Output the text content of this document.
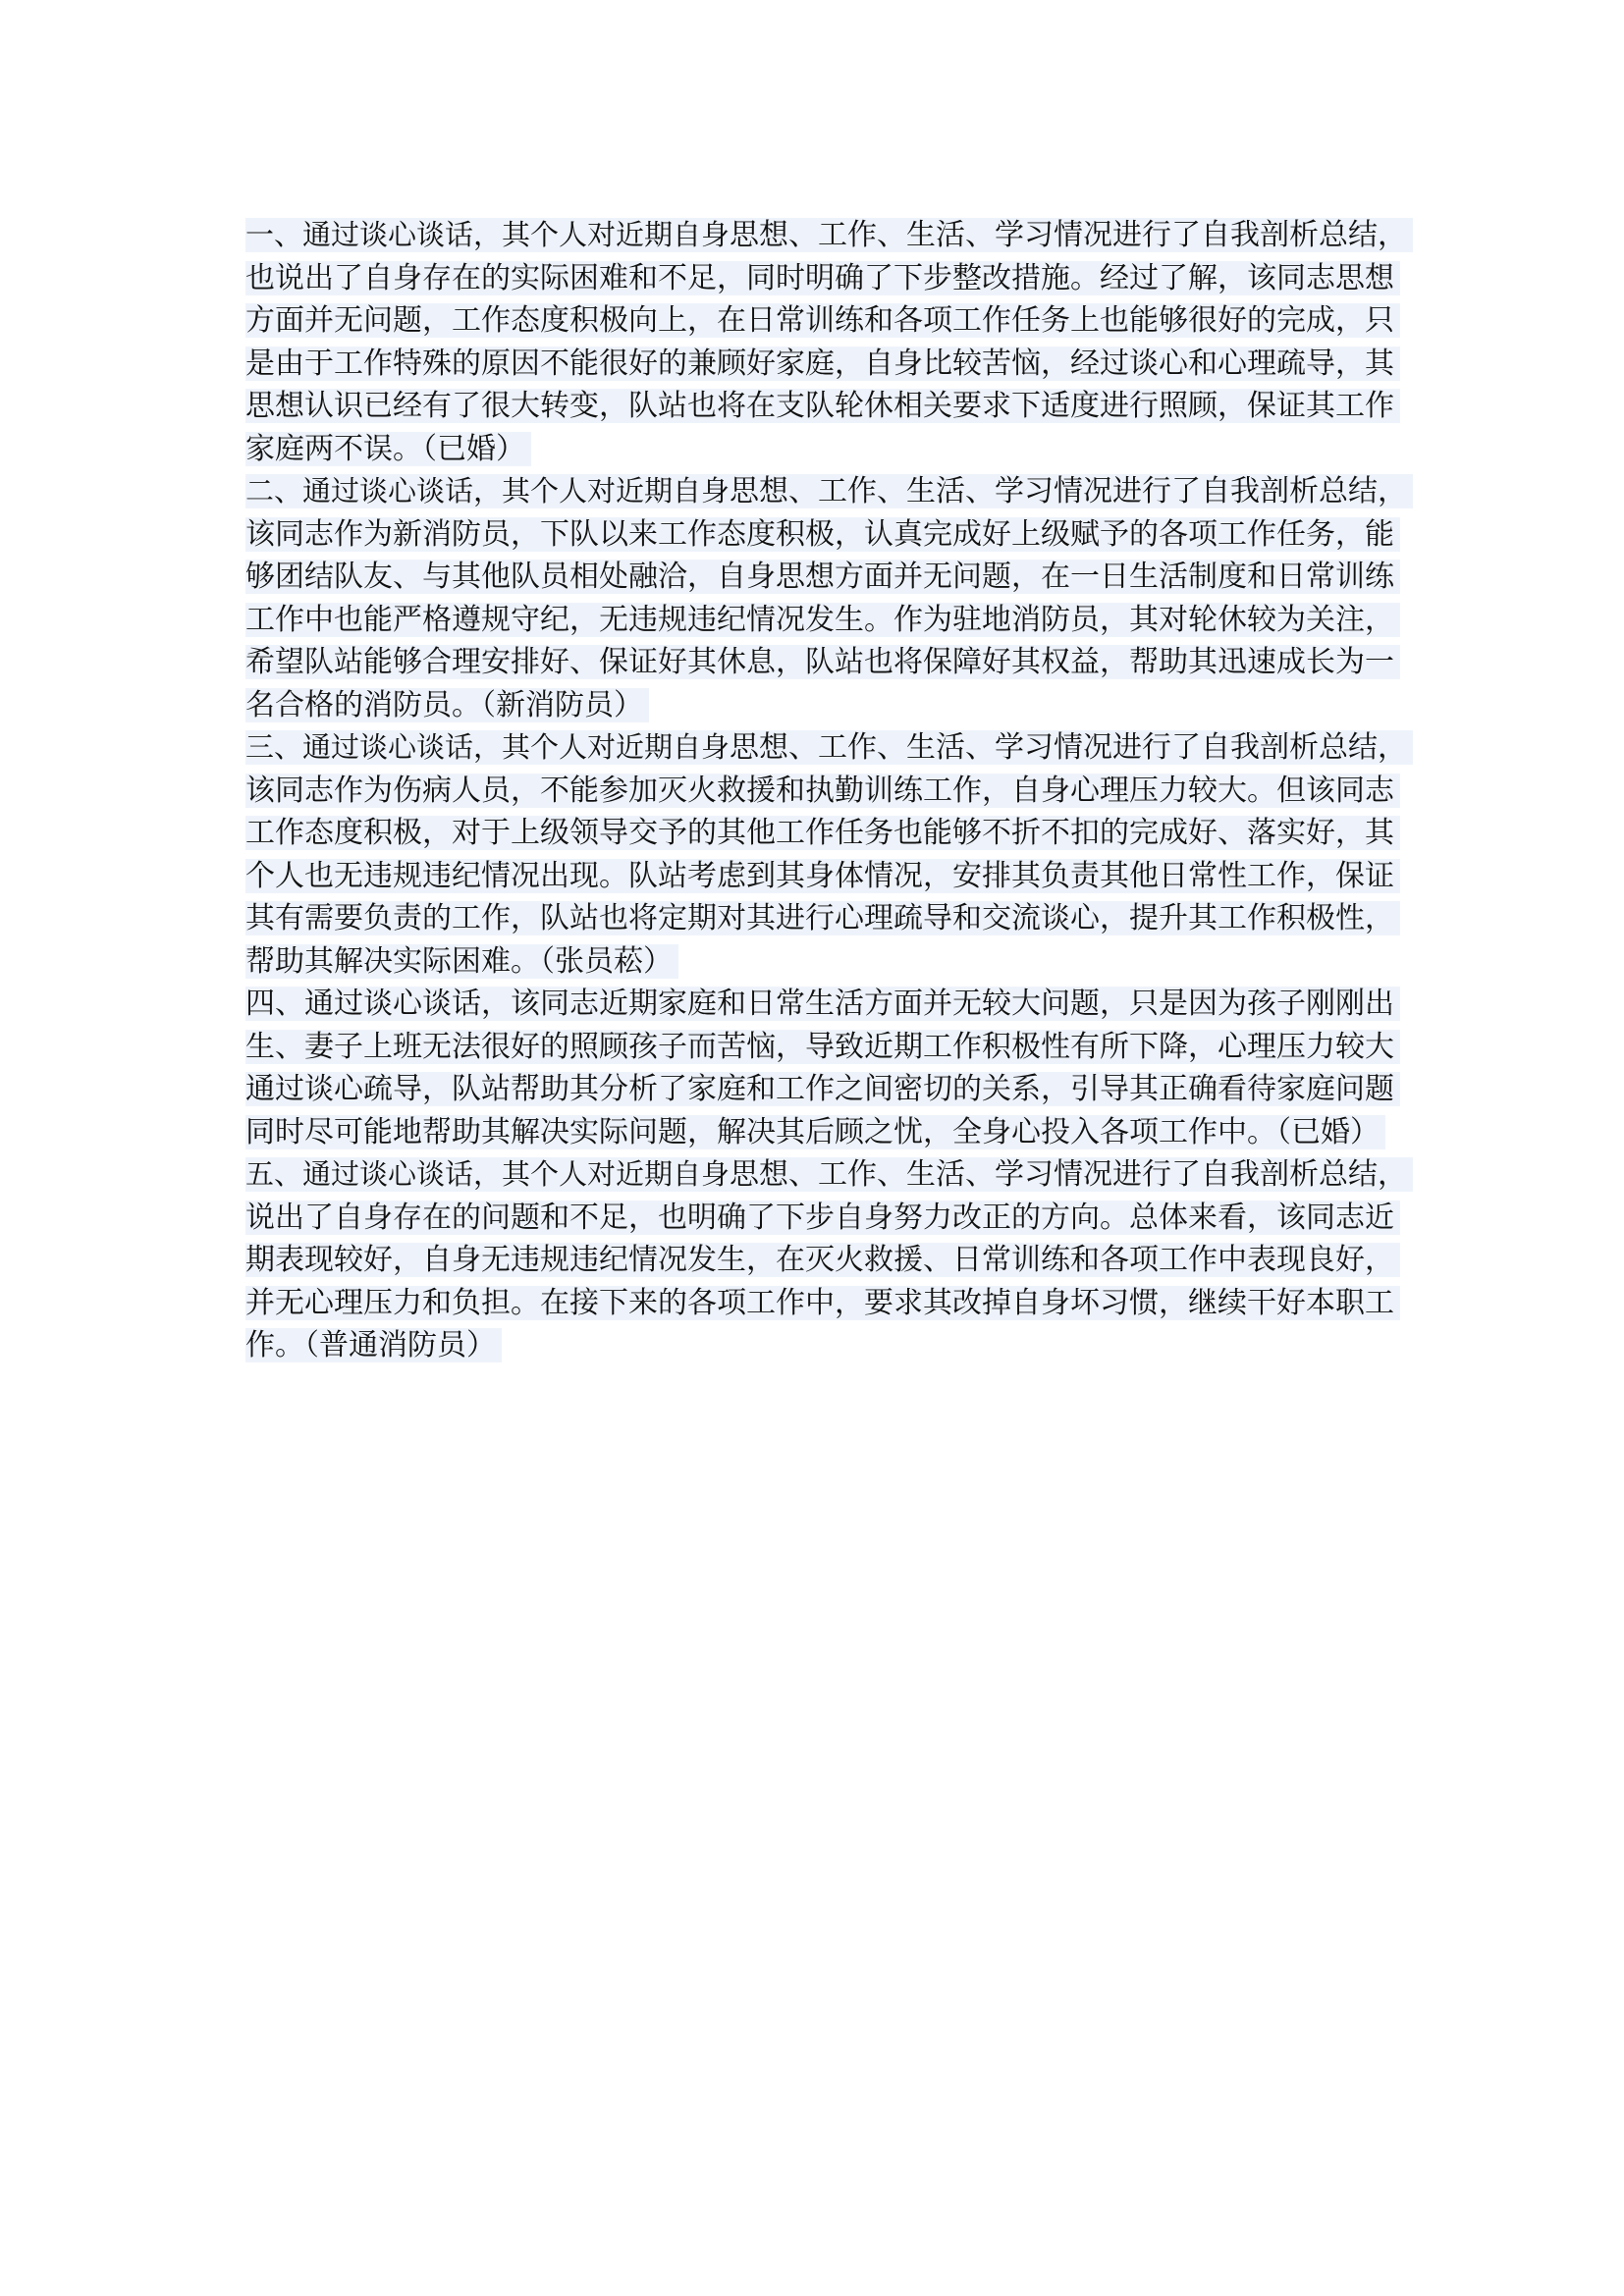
一、通过谈心谈话，其个人对近期自身思想、工作、生活、学习情况进行了自我剖析总结，
也说出了自身存在的实际困难和不足，同时明确了下步整改措施。经过了解，该同志思想
方面并无问题，工作态度积极向上，在日常训练和各项工作任务上也能够很好的完成，只
是由于工作特殊的原因不能很好的兼顾好家庭，自身比较苦恼，经过谈心和心理疏导，其
思想认识已经有了很大转变，队站也将在支队轮休相关要求下适度进行照顾，保证其工作
家庭两不误。（已婚）
二、通过谈心谈话，其个人对近期自身思想、工作、生活、学习情况进行了自我剖析总结，
该同志作为新消防员，下队以来工作态度积极，认真完成好上级赋予的各项工作任务，能
够团结队友、与其他队员相处融洽，自身思想方面并无问题，在一日生活制度和日常训练
工作中也能严格遵规守纪，无违规违纪情况发生。作为驻地消防员，其对轮休较为关注，
希望队站能够合理安排好、保证好其休息，队站也将保障好其权益，帮助其迅速成长为一
名合格的消防员。（新消防员）
三、通过谈心谈话，其个人对近期自身思想、工作、生活、学习情况进行了自我剖析总结，
该同志作为伤病人员，不能参加灭火救援和执勤训练工作，自身心理压力较大。但该同志
工作态度积极，对于上级领导交予的其他工作任务也能够不折不扣的完成好、落实好，其
个人也无违规违纪情况出现。队站考虑到其身体情况，安排其负责其他日常性工作，保证
其有需要负责的工作，队站也将定期对其进行心理疏导和交流谈心，提升其工作积极性，
帮助其解决实际困难。（张员菘）
四、通过谈心谈话，该同志近期家庭和日常生活方面并无较大问题，只是因为孩子刚刚出
生、妻子上班无法很好的照顾孩子而苦恼，导致近期工作积极性有所下降，心理压力较大
通过谈心疏导，队站帮助其分析了家庭和工作之间密切的关系，引导其正确看待家庭问题
同时尽可能地帮助其解决实际问题，解决其后顾之忧，全身心投入各项工作中。（已婚）
五、通过谈心谈话，其个人对近期自身思想、工作、生活、学习情况进行了自我剖析总结，
说出了自身存在的问题和不足，也明确了下步自身努力改正的方向。总体来看，该同志近
期表现较好，自身无违规违纪情况发生，在灭火救援、日常训练和各项工作中表现良好，
并无心理压力和负担。在接下来的各项工作中，要求其改掉自身坏习惯，继续干好本职工
作。（普通消防员）
